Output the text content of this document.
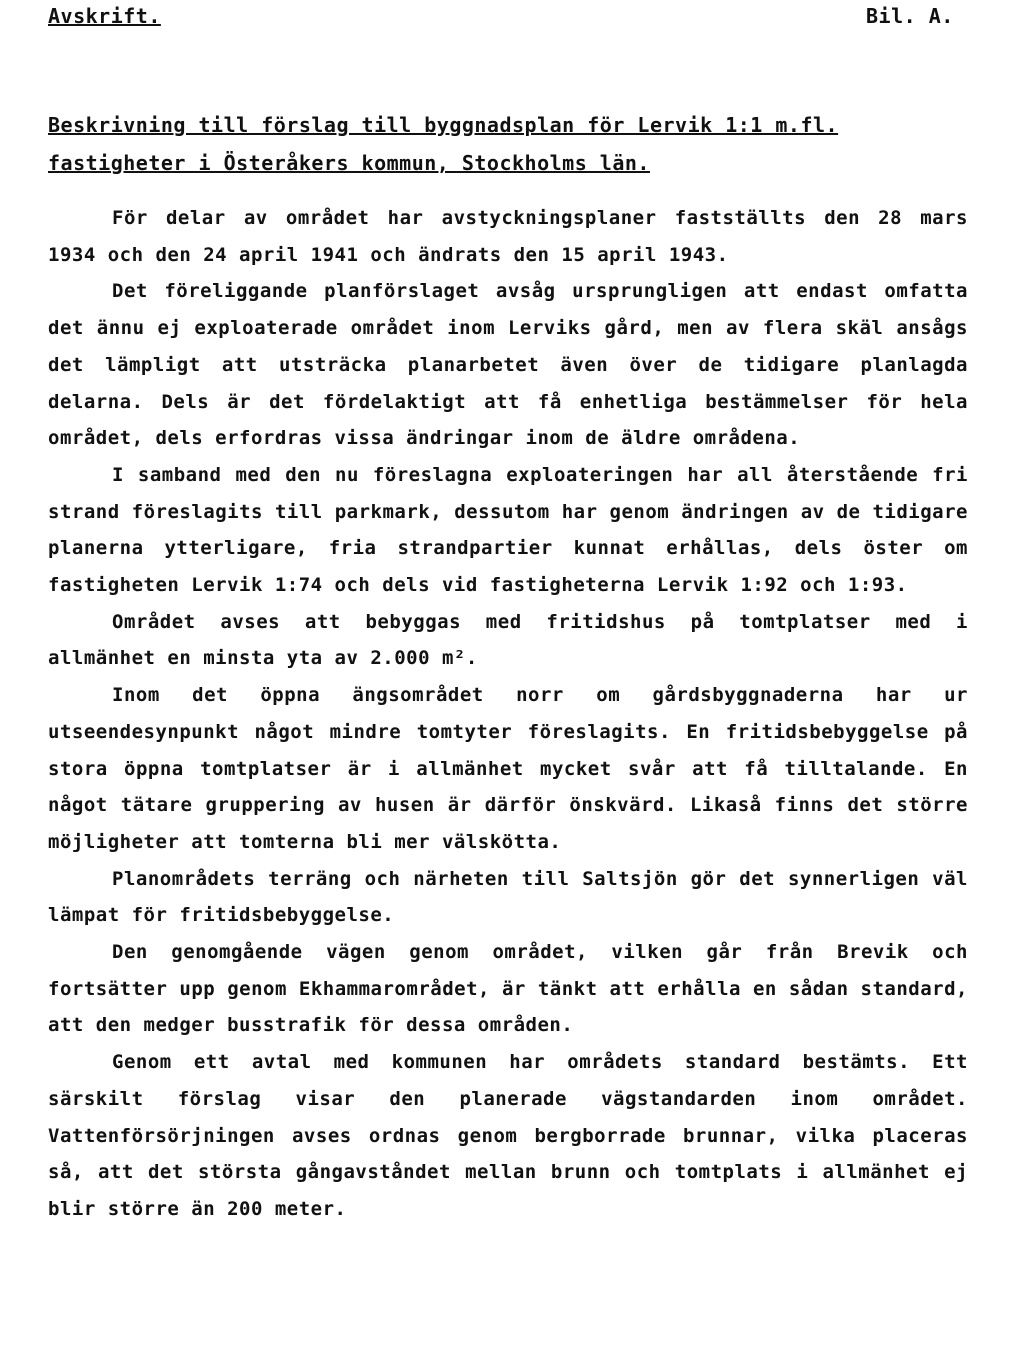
Avskrift.	Bil. A.
Beskrivning till förslag till byggnadsplan för Lervik 1:1 m.fl. fastigheter i Österåkers kommun, Stockholms län.

För delar av området har avstyckningsplaner fastställts den 28 mars 1934 och den 24 april 1941 och ändrats den 15 april 1943.

Det föreliggande planförslaget avsåg ursprungligen att endast omfatta det ännu ej exploaterade området inom Lerviks gård, men av flera skäl ansågs det lämpligt att utsträcka planarbetet även över de tidigare planlagda delarna. Dels är det fördelaktigt att få enhetliga bestämmelser för hela området, dels erfordras vissa ändringar inom de äldre områdena.

I samband med den nu föreslagna exploateringen har all återstående fri strand föreslagits till parkmark, dessutom har genom ändringen av de tidigare planerna ytterligare, fria strandpartier kunnat erhållas, dels öster om fastigheten Lervik 1:74 och dels vid fastigheterna Lervik 1:92 och 1:93.

Området avses att bebyggas med fritidshus på tomtplatser med i allmänhet en minsta yta av 2.000 m².

Inom det öppna ängsområdet norr om gårdsbyggnaderna har ur utseendesynpunkt något mindre tomtyter föreslagits. En fritidsbebyggelse på stora öppna tomtplatser är i allmänhet mycket svår att få tilltalande. En något tätare gruppering av husen är därför önskvärd. Likaså finns det större möjligheter att tomterna bli mer välskötta.

Planområdets terräng och närheten till Saltsjön gör det synnerligen väl lämpat för fritidsbebyggelse.

Den genomgående vägen genom området, vilken går från Brevik och fortsätter upp genom Ekhammarområdet, är tänkt att erhålla en sådan standard, att den medger busstrafik för dessa områden.

Genom ett avtal med kommunen har områdets standard bestämts. Ett särskilt förslag visar den planerade vägstandarden inom området. Vattenförsörjningen avses ordnas genom bergborrade brunnar, vilka placeras så, att det största gångavståndet mellan brunn och tomtplats i allmänhet ej blir större än 200 meter.
